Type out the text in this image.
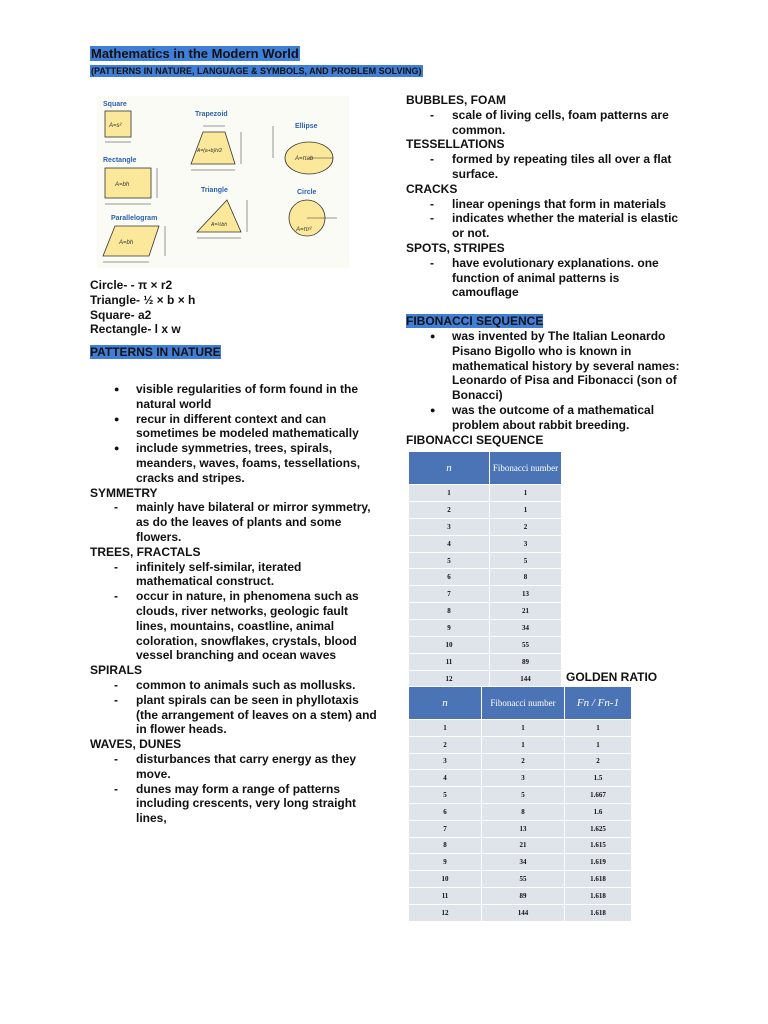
Mathematics in the Modern World
(PATTERNS IN NATURE, LANGUAGE & SYMBOLS, AND PROBLEM SOLVING)
Square
A=s²
Rectangle
A=bh
Parallelogram
A=bh
Trapezoid
A=(a+b)h/2
Triangle
A=½bh
Ellipse
A=πab
Circle
A=πr²

Circle- - π × r2

Triangle- ½ × b × h

Square- a2

Rectangle- l x w

PATTERNS IN NATURE

● visible regularities of form found in the natural world

● recur in different context and can sometimes be modeled mathematically

● include symmetries, trees, spirals, meanders, waves, foams, tessellations, cracks and stripes.

SYMMETRY

- mainly have bilateral or mirror symmetry, as do the leaves of plants and some flowers.

TREES, FRACTALS

- infinitely self-similar, iterated mathematical construct.

- occur in nature, in phenomena such as clouds, river networks, geologic fault lines, mountains, coastline, animal coloration, snowflakes, crystals, blood vessel branching and ocean waves

SPIRALS

- common to animals such as mollusks.

- plant spirals can be seen in phyllotaxis (the arrangement of leaves on a stem) and in flower heads.

WAVES, DUNES

- disturbances that carry energy as they move.

- dunes may form a range of patterns including crescents, very long straight lines,

BUBBLES, FOAM

- scale of living cells, foam patterns are common.

TESSELLATIONS

- formed by repeating tiles all over a flat surface.

CRACKS

- linear openings that form in materials

- indicates whether the material is elastic or not.

SPOTS, STRIPES

- have evolutionary explanations. one function of animal patterns is camouflage

FIBONACCI SEQUENCE

● was invented by The Italian Leonardo Pisano Bigollo who is known in mathematical history by several names: Leonardo of Pisa and Fibonacci (son of Bonacci)

● was the outcome of a mathematical problem about rabbit breeding.

FIBONACCI SEQUENCE

n	Fibonacci number
1	1
2	1
3	2
4	3
5	5
6	8
7	13
8	21
9	34
10	55
11	89
12	144	GOLDEN RATIO
n	Fibonacci number	Fn / Fn-1
1	1	1
2	1	1
3	2	2
4	3	1.5
5	5	1.667
6	8	1.6
7	13	1.625
8	21	1.615
9	34	1.619
10	55	1.618
11	89	1.618
12	144	1.618
